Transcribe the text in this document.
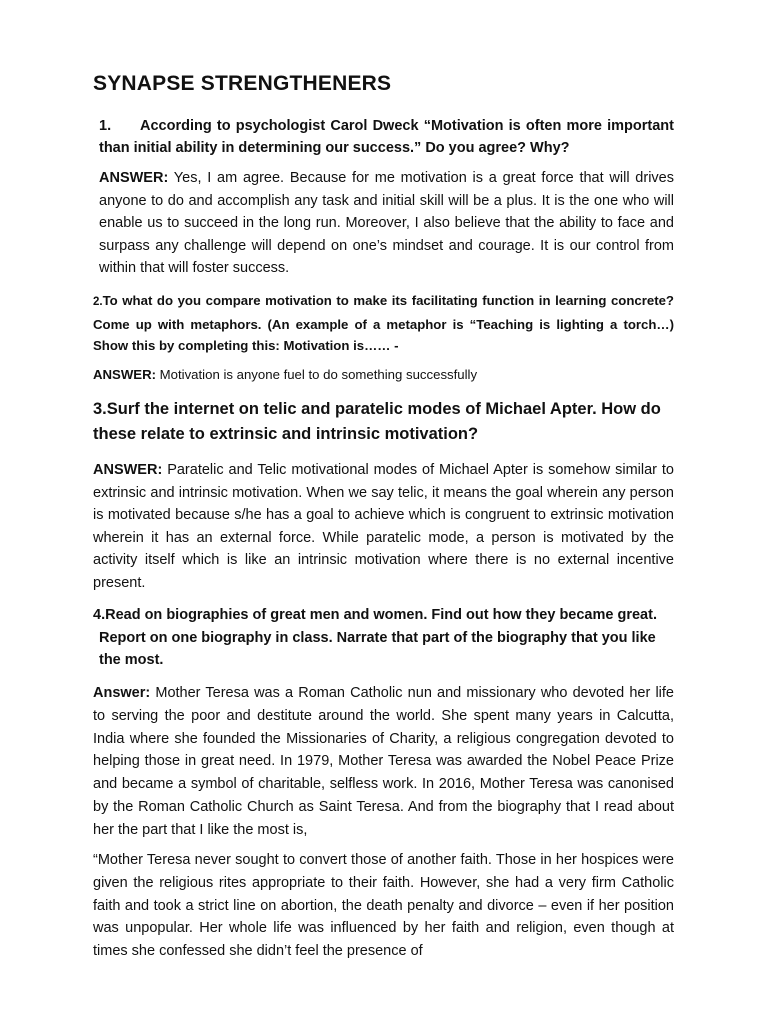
SYNAPSE STRENGTHENERS

1. According to psychologist Carol Dweck “Motivation is often more important than initial ability in determining our success.” Do you agree? Why?

ANSWER: Yes, I am agree. Because for me motivation is a great force that will drives anyone to do and accomplish any task and initial skill will be a plus. It is the one who will enable us to succeed in the long run. Moreover, I also believe that the ability to face and surpass any challenge will depend on one’s mindset and courage. It is our control from within that will foster success.

2.To what do you compare motivation to make its facilitating function in learning concrete? Come up with metaphors. (An example of a metaphor is “Teaching is lighting a torch…) Show this by completing this: Motivation is…… -

ANSWER: Motivation is anyone fuel to do something successfully

3.Surf the internet on telic and paratelic modes of Michael Apter. How do these relate to extrinsic and intrinsic motivation?

ANSWER: Paratelic and Telic motivational modes of Michael Apter is somehow similar to extrinsic and intrinsic motivation. When we say telic, it means the goal wherein any person is motivated because s/he has a goal to achieve which is congruent to extrinsic motivation wherein it has an external force. While paratelic mode, a person is motivated by the activity itself which is like an intrinsic motivation where there is no external incentive present.

4.Read on biographies of great men and women. Find out how they became great. Report on one biography in class. Narrate that part of the biography that you like the most.

Answer: Mother Teresa was a Roman Catholic nun and missionary who devoted her life to serving the poor and destitute around the world. She spent many years in Calcutta, India where she founded the Missionaries of Charity, a religious congregation devoted to helping those in great need. In 1979, Mother Teresa was awarded the Nobel Peace Prize and became a symbol of charitable, selfless work. In 2016, Mother Teresa was canonised by the Roman Catholic Church as Saint Teresa. And from the biography that I read about her the part that I like the most is,

“Mother Teresa never sought to convert those of another faith. Those in her hospices were given the religious rites appropriate to their faith. However, she had a very firm Catholic faith and took a strict line on abortion, the death penalty and divorce – even if her position was unpopular. Her whole life was influenced by her faith and religion, even though at times she confessed she didn’t feel the presence of
